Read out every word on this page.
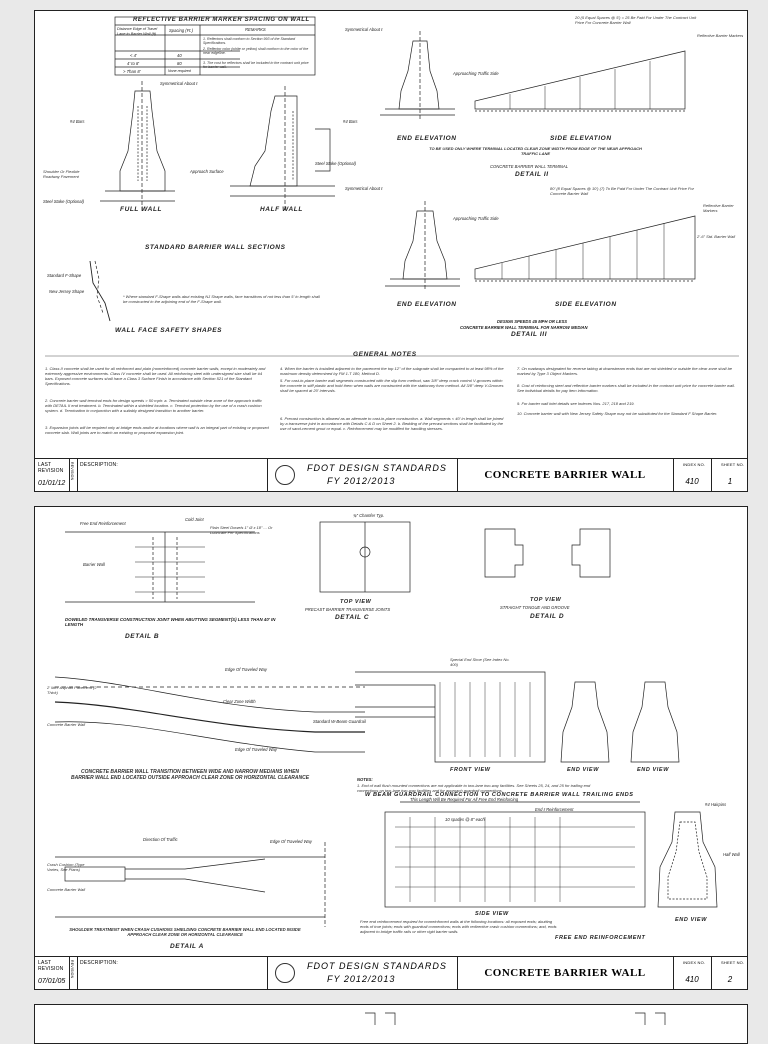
REFLECTIVE BARRIER MARKER SPACING ON WALL
Distance Edge of Travel Lane to Barrier Wall (ft)
Spacing (Ft.)	REMARKS
< 4'	40
4' to 8'	80
> Than 8'	None required
1. Reflectors shall conform to Section 993 of the Standard Specifications.
2. Reflector color (white or yellow) shall conform to the color of the near edgeline.
3. The cost for reflectors shall be included in the contract unit price for barrier wall.
Symmetrical About ℓ
#4 Bars	#4 Bars
Shoulder Or Flexible Roadway Pavement
Steel Stake (Optional)
Approach Surface
Steel Stake (Optional)
FULL WALL	HALF WALL
STANDARD BARRIER WALL SECTIONS
Standard F-Shape
New Jersey Shape
* Where standard F-Shape walls abut existing NJ Shape walls, face transitions of not less than 5' in length shall be constructed in the adjoining end of the F-Shape wall.
WALL FACE SAFETY SHAPES
20 (5 Equal Spaces @ 5') = 25 Be Paid For Under The Contract Unit Price For Concrete Barrier Wall
Symmetrical About ℓ
Reflective Barrier Markers
Approaching Traffic Side
END ELEVATION	SIDE ELEVATION
TO BE USED ONLY WHERE TERMINAL LOCATED CLEAR ZONE WIDTH FROM EDGE OF THE NEAR APPROACH TRAFFIC LANE
CONCRETE BARRIER WALL TERMINAL
DETAIL II
80' (8 Equal Spaces @ 10') (7) To Be Paid For Under The Contract Unit Price For Concrete Barrier Wall
Symmetrical About ℓ
Reflective Barrier Markers
Approaching Traffic Side
2'-6" Std. Barrier Wall
END ELEVATION	SIDE ELEVATION
DESIGN SPEEDS 45 MPH OR LESS
CONCRETE BARRIER WALL TERMINAL FOR NARROW MEDIAN
DETAIL III
GENERAL NOTES
1. Class II concrete shall be used for all reinforced and plain (nonreinforced) concrete barrier walls, except in moderately and extremely aggressive environments. Class IV concrete shall be used. All reinforcing steel with undersigned size shall be #4 bars. Exposed concrete surfaces shall have a Class 3 Surface Finish in accordance with Section 521 of the Standard Specifications.
2. Concrete barrier wall terminal ends for design speeds > 50 mph: a. Terminated outside clear zone of the approach traffic with DETAIL II end treatment. b. Terminated within a shielded location. c. Terminal protection by the use of a crash cushion system. d. Termination in conjunction with a suitably designed transition to another barrier.
3. Expansion joints will be required only at bridge ends and/or at locations where wall is an integral part of existing or proposed concrete slab. Wall joints are to match an existing or proposed expansion joint.
4. When the barrier is installed adjacent to the pavement the top 12" of the subgrade shall be compacted to at least 98% of the maximum density determined by FM 1-T 180, Method D.
5. For cast-in-place barrier wall segments constructed with the slip form method, saw 3/8" deep crack control V-grooves within the concrete in stiff plastic and hold them when walls are constructed with the stationary form method. All 3/8" deep V-Grooves shall be spaced at 20' intervals.
6. Precast construction is allowed as an alternate to cast-in-place construction. a. Wall segments < 40' in length shall be joined by a transverse joint in accordance with Details C & D on Sheet 2. b. Bedding of the precast sections shall be facilitated by the use of sand-cement grout or equal. c. Reinforcement may be modified for handling stresses.
7. On roadways designated for reverse taking at downstream ends that are not shielded or outside the clear zone shall be marked by Type 3 Object Markers.
8. Cost of reinforcing steel and reflective barrier markers shall be included in the contract unit price for concrete barrier wall. See individual details for pay item information.
9. For barrier wall inlet details see Indexes Nos. 217, 218 and 219.
10. Concrete barrier wall with New Jersey Safety Shape may not be substituted for the Standard F Shape Barrier.
LAST REVISION
01/01/12
REVISION DESCRIPTION:	FDOT DESIGN STANDARDS
FY 2012/2013	CONCRETE BARRIER WALL
INDEX NO.
410
SHEET NO.
1
Free End Reinforcement
Cold Joint
Plain Steel Dowels 1" Ø x 18" ... Or Lubricate Per Specifications
Barrier Wall
DOWELED TRANSVERSE CONSTRUCTION JOINT WHEN ABUTTING SEGMENT(S) LESS THAN 40' IN LENGTH
DETAIL B
¾" Chamfer Typ.
TOP VIEW
PRECAST BARRIER TRANSVERSE JOINTS
DETAIL C
TOP VIEW
STRAIGHT TONGUE AND GROOVE
DETAIL D
Edge Of Traveled Way
Clear Zone Width
2' Min. Asphalt Pavement (2" Thick)
Concrete Barrier Wall
Edge Of Traveled Way
Standard W-Beam Guardrail
CONCRETE BARRIER WALL TRANSITION BETWEEN WIDE AND NARROW MEDIANS WHEN BARRIER WALL END LOCATED OUTSIDE APPROACH CLEAR ZONE OR HORIZONTAL CLEARANCE
Special End Shoe (See Index No. 400)
FRONT VIEW	END VIEW	END VIEW
NOTES:
1. End of wall flush mounted connections are not applicable to two-lane two-way facilities. See Sheets 25, 24, and 25 for trailing end connections on two-lane two-way facilities and for approach guardrail connections.
W BEAM GUARDRAIL CONNECTION TO CONCRETE BARRIER WALL TRAILING ENDS
Direction Of Traffic	Edge Of Traveled Way
Crash Cushion (Type Varies, See Plans)
Concrete Barrier Wall
SHOULDER TREATMENT WHEN CRASH CUSHIONS SHIELDING CONCRETE BARRIER WALL END LOCATED INSIDE APPROACH CLEAR ZONE OR HORIZONTAL CLEARANCE
DETAIL A
This Length Will Be Required For All Free End Reinforcing
10 spaces @ 8" each
End ℓ Reinforcement
#4 Hairpins
Half Wall
SIDE VIEW
Free end reinforcement required for nonreinforced walls at the following locations: all exposed ends; abutting ends of true joints; ends with guardrail connections; ends with redirective crash cushion connections; and, ends adjacent to bridge traffic rails or other rigid barrier walls.
FREE END REINFORCEMENT
END VIEW
LAST REVISION
07/01/05
REVISION DESCRIPTION:	FDOT DESIGN STANDARDS
FY 2012/2013	CONCRETE BARRIER WALL
INDEX NO.
410
SHEET NO.
2
